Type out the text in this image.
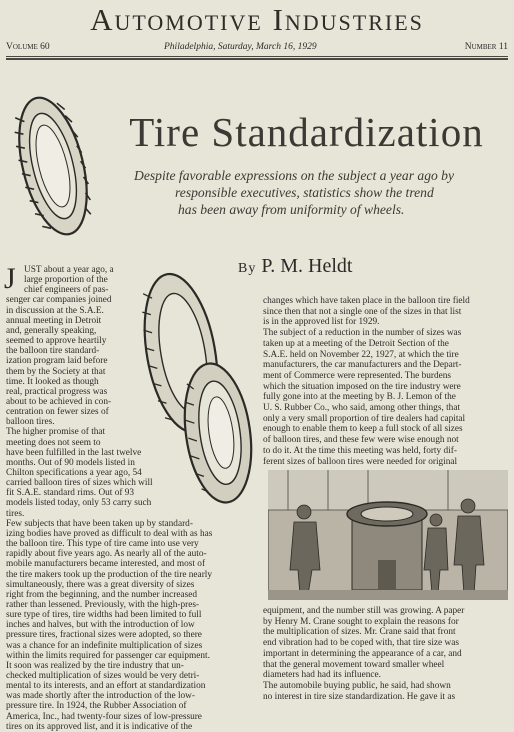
Automotive Industries
Volume 60	Philadelphia, Saturday, March 16, 1929	Number 11
Tire Standardization
Despite favorable expressions on the subject a year ago by
responsible executives, statistics show the trend
has been away from uniformity of wheels.
By P. M. Heldt
J UST about a year ago, a
large proportion of the
chief engineers of pas-
senger car companies joined
in discussion at the S.A.E.
annual meeting in Detroit
and, generally speaking,
seemed to approve heartily
the balloon tire standard-
ization program laid before
them by the Society at that
time. It looked as though
real, practical progress was
about to be achieved in con-
centration on fewer sizes of
balloon tires.
The higher promise of that
meeting does not seem to
have been fulfilled in the last twelve
months. Out of 90 models listed in
Chilton specifications a year ago, 54
carried balloon tires of sizes which will
fit S.A.E. standard rims. Out of 93
models listed today, only 53 carry such
tires.
Few subjects that have been taken up by standard-
izing bodies have proved as difficult to deal with as has
the balloon tire. This type of tire came into use very
rapidly about five years ago. As nearly all of the auto-
mobile manufacturers became interested, and most of
the tire makers took up the production of the tire nearly
simultaneously, there was a great diversity of sizes
right from the beginning, and the number increased
rather than lessened. Previously, with the high-pres-
sure type of tires, tire widths had been limited to full
inches and halves, but with the introduction of low
pressure tires, fractional sizes were adopted, so there
was a chance for an indefinite multiplication of sizes
within the limits required for passenger car equipment.
It soon was realized by the tire industry that un-
checked multiplication of sizes would be very detri-
mental to its interests, and an effort at standardization
was made shortly after the introduction of the low-
pressure tire. In 1924, the Rubber Association of
America, Inc., had twenty-four sizes of low-pressure
tires on its approved list, and it is indicative of the
changes which have taken place in the balloon tire field
since then that not a single one of the sizes in that list
is in the approved list for 1929.
The subject of a reduction in the number of sizes was
taken up at a meeting of the Detroit Section of the
S.A.E. held on November 22, 1927, at which the tire
manufacturers, the car manufacturers and the Depart-
ment of Commerce were represented. The burdens
which the situation imposed on the tire industry were
fully gone into at the meeting by B. J. Lemon of the
U. S. Rubber Co., who said, among other things, that
only a very small proportion of tire dealers had capital
enough to enable them to keep a full stock of all sizes
of balloon tires, and these few were wise enough not
to do it. At the time this meeting was held, forty dif-
ferent sizes of balloon tires were needed for original
equipment, and the number still was growing. A paper
by Henry M. Crane sought to explain the reasons for
the multiplication of sizes. Mr. Crane said that front
end vibration had to be coped with, that tire size was
important in determining the appearance of a car, and
that the general movement toward smaller wheel
diameters had had its influence.
The automobile buying public, he said, had shown
no interest in tire size standardization. He gave it as
